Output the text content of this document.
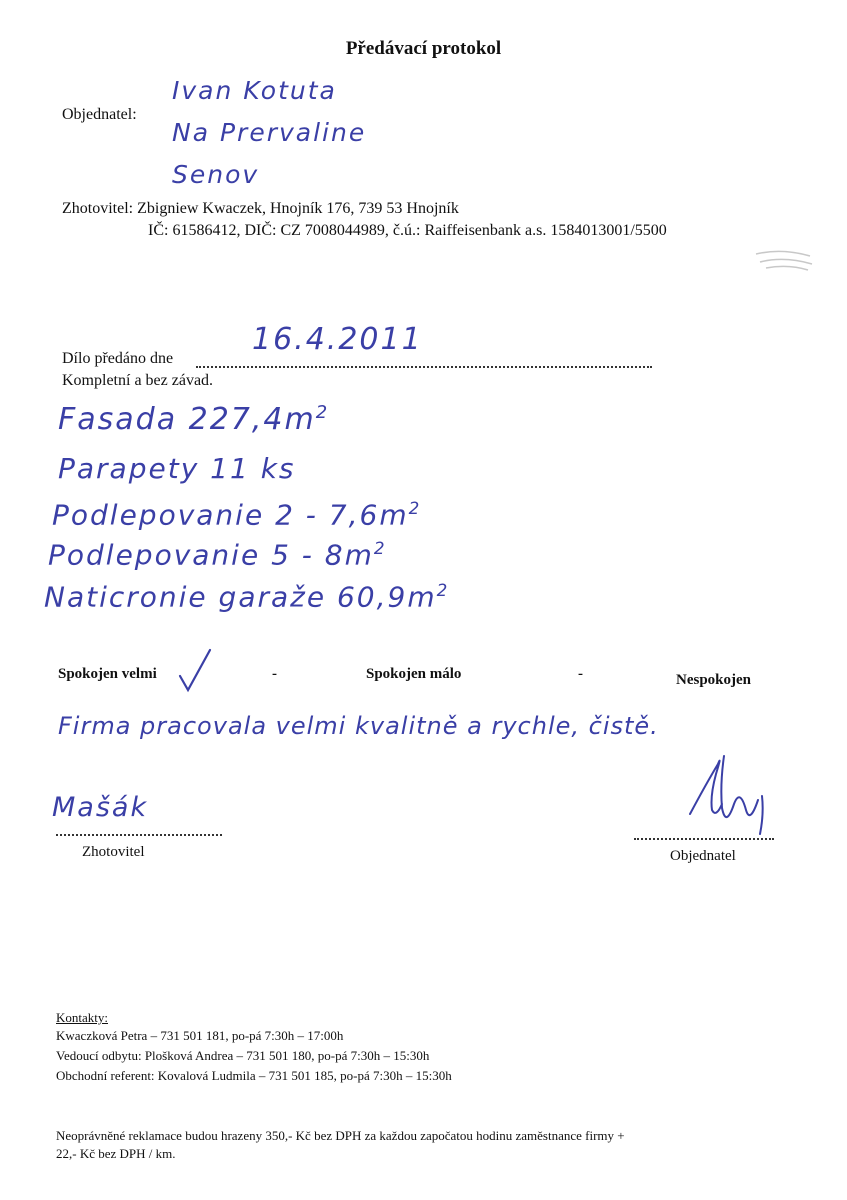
Předávací protokol
Objednatel:
Ivan Kotuta
Na Prervaline
Senov
Zhotovitel: Zbigniew Kwaczek, Hnojník 176, 739 53 Hnojník
IČ: 61586412, DIČ: CZ 7008044989, č.ú.: Raiffeisenbank a.s. 1584013001/5500
Dílo předáno dne
16.4.2011
Kompletní a bez závad.
Fasada $227,4m^2$
Parapety 11 ks
Podlepovanie $2 - 7,6m^2$
Podlepovanie $5 - 8m^2$
Naticronie garaže $60,9m^2$
Spokojen velmi	-	Spokojen málo	-	Nespokojen
Firma pracovala velmi kvalitně a rychle, čistě.
Mašák
Zhotovitel	Objednatel
Kontakty:
Kwaczková Petra – 731 501 181, po-pá 7:30h – 17:00h
Vedoucí odbytu: Plošková Andrea – 731 501 180, po-pá 7:30h – 15:30h
Obchodní referent: Kovalová Ludmila – 731 501 185, po-pá 7:30h – 15:30h
Neoprávněné reklamace budou hrazeny 350,- Kč bez DPH za každou započatou hodinu zaměstnance firmy +
22,- Kč bez DPH / km.
